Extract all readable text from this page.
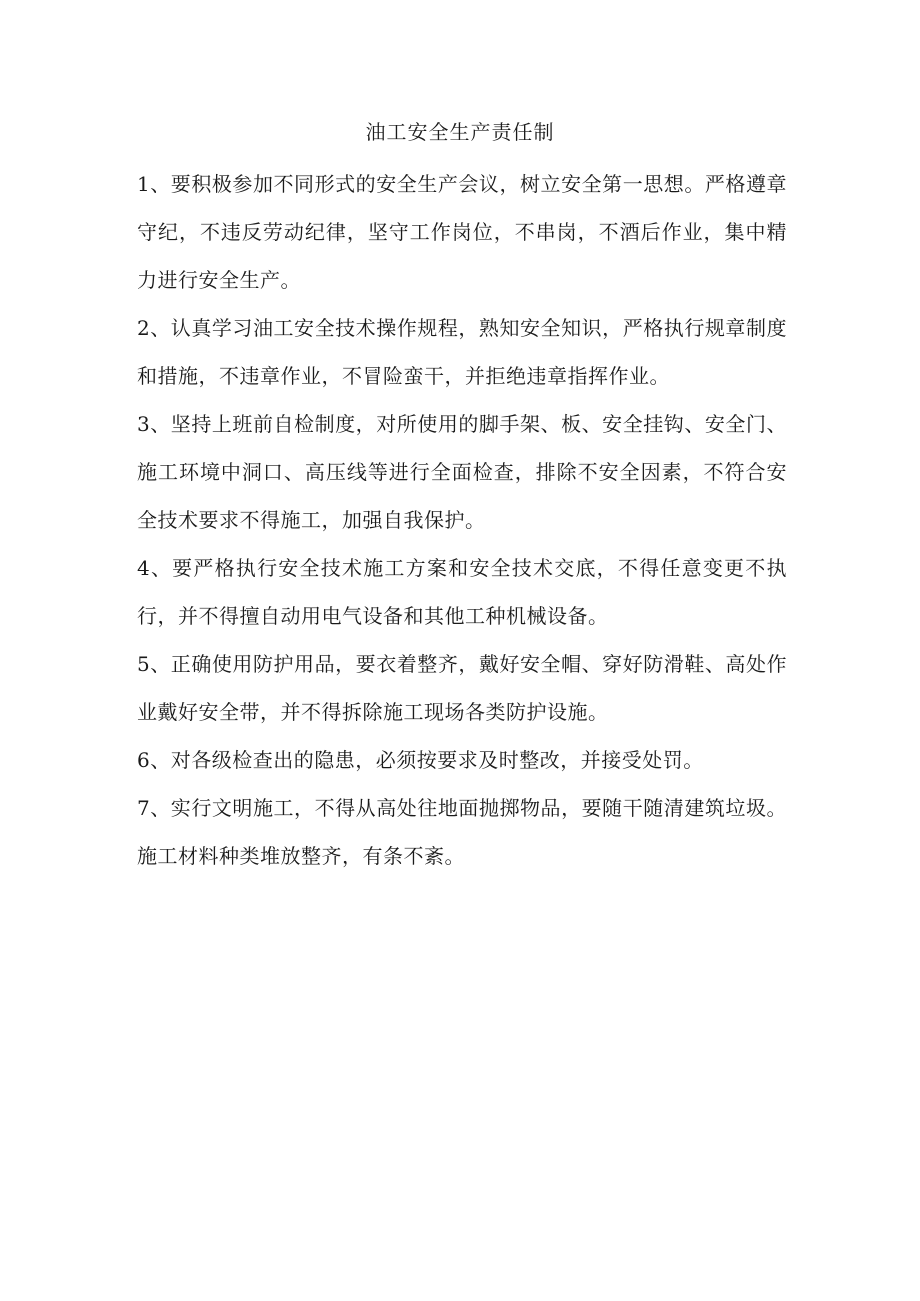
油工安全生产责任制

1、要积极参加不同形式的安全生产会议，树立安全第一思想。严格遵章守纪，不违反劳动纪律，坚守工作岗位，不串岗，不酒后作业，集中精力进行安全生产。

2、认真学习油工安全技术操作规程，熟知安全知识，严格执行规章制度和措施，不违章作业，不冒险蛮干，并拒绝违章指挥作业。

3、坚持上班前自检制度，对所使用的脚手架、板、安全挂钩、安全门、施工环境中洞口、高压线等进行全面检查，排除不安全因素，不符合安全技术要求不得施工，加强自我保护。

4、要严格执行安全技术施工方案和安全技术交底，不得任意变更不执行，并不得擅自动用电气设备和其他工种机械设备。

5、正确使用防护用品，要衣着整齐，戴好安全帽、穿好防滑鞋、高处作业戴好安全带，并不得拆除施工现场各类防护设施。

6、对各级检查出的隐患，必须按要求及时整改，并接受处罚。

7、实行文明施工，不得从高处往地面抛掷物品，要随干随清建筑垃圾。施工材料种类堆放整齐，有条不紊。
